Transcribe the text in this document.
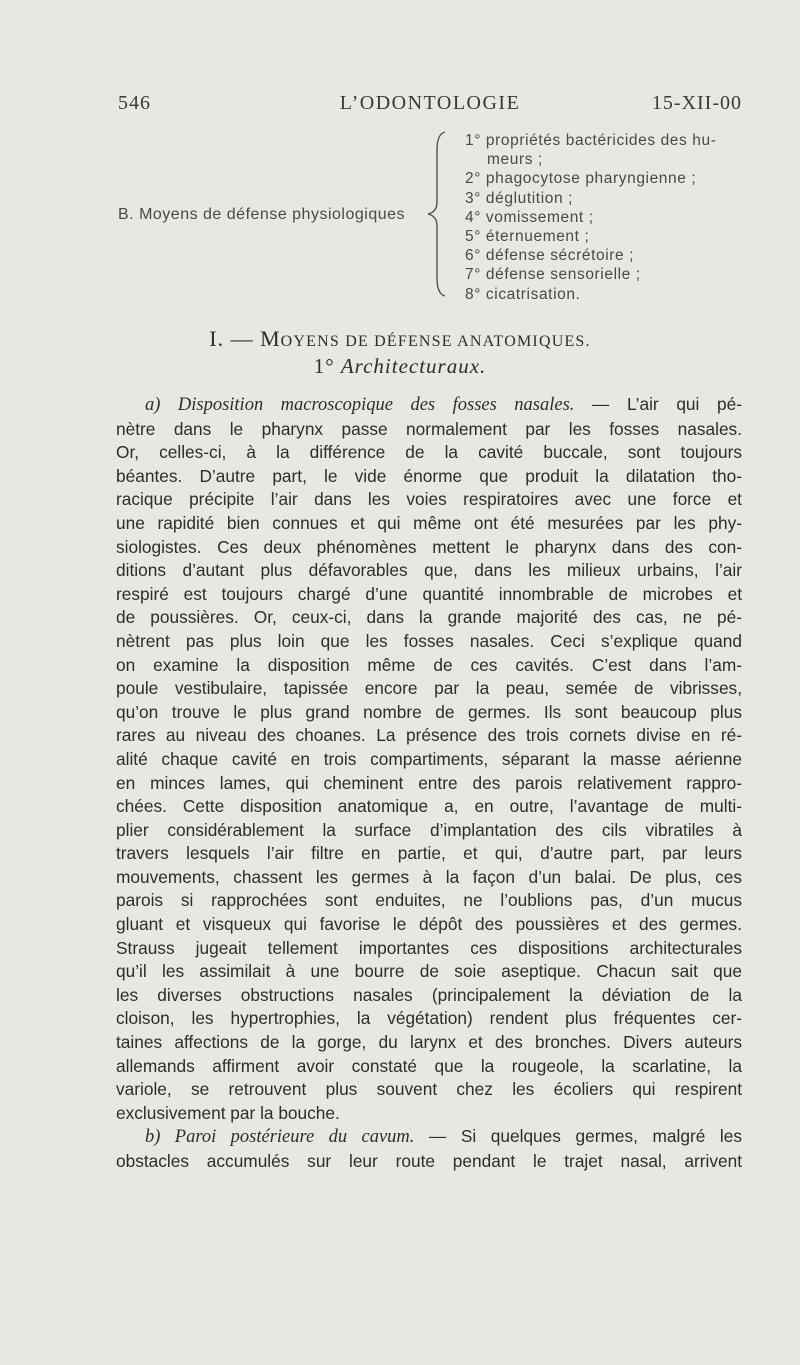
546	L’ODONTOLOGIE	15-XII-00
B. Moyens de défense physiologiques
1° propriétés bactéricides des hu-
meurs ;
2° phagocytose pharyngienne ;
3° déglutition ;
4° vomissement ;
5° éternuement ;
6° défense sécrétoire ;
7° défense sensorielle ;
8° cicatrisation.
I. — MOYENS DE DÉFENSE ANATOMIQUES.
1° Architecturaux.
a) Disposition macroscopique des fosses nasales. — L’air qui pé-
nètre dans le pharynx passe normalement par les fosses nasales.
Or, celles-ci, à la différence de la cavité buccale, sont toujours
béantes. D’autre part, le vide énorme que produit la dilatation tho-
racique précipite l’air dans les voies respiratoires avec une force et
une rapidité bien connues et qui même ont été mesurées par les phy-
siologistes. Ces deux phénomènes mettent le pharynx dans des con-
ditions d’autant plus défavorables que, dans les milieux urbains, l’air
respiré est toujours chargé d’une quantité innombrable de microbes et
de poussières. Or, ceux-ci, dans la grande majorité des cas, ne pé-
nètrent pas plus loin que les fosses nasales. Ceci s’explique quand
on examine la disposition même de ces cavités. C’est dans l’am-
poule vestibulaire, tapissée encore par la peau, semée de vibrisses,
qu’on trouve le plus grand nombre de germes. Ils sont beaucoup plus
rares au niveau des choanes. La présence des trois cornets divise en ré-
alité chaque cavité en trois compartiments, séparant la masse aérienne
en minces lames, qui cheminent entre des parois relativement rappro-
chées. Cette disposition anatomique a, en outre, l’avantage de multi-
plier considérablement la surface d’implantation des cils vibratiles à
travers lesquels l’air filtre en partie, et qui, d’autre part, par leurs
mouvements, chassent les germes à la façon d’un balai. De plus, ces
parois si rapprochées sont enduites, ne l’oublions pas, d’un mucus
gluant et visqueux qui favorise le dépôt des poussières et des germes.
Strauss jugeait tellement importantes ces dispositions architecturales
qu’il les assimilait à une bourre de soie aseptique. Chacun sait que
les diverses obstructions nasales (principalement la déviation de la
cloison, les hypertrophies, la végétation) rendent plus fréquentes cer-
taines affections de la gorge, du larynx et des bronches. Divers auteurs
allemands affirment avoir constaté que la rougeole, la scarlatine, la
variole, se retrouvent plus souvent chez les écoliers qui respirent
exclusivement par la bouche.
b) Paroi postérieure du cavum. — Si quelques germes, malgré les
obstacles accumulés sur leur route pendant le trajet nasal, arrivent
